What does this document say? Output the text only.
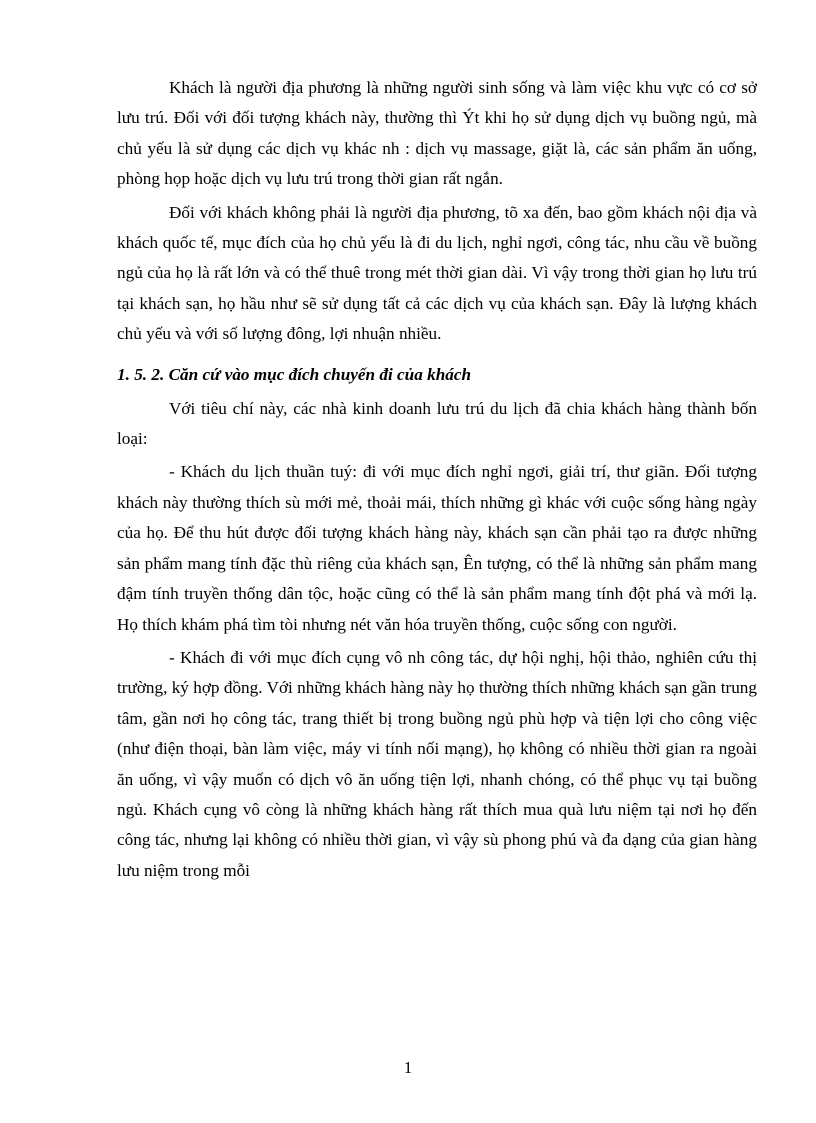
Khách là người địa phương là những người sinh sống và làm việc khu vực có cơ sở lưu trú. Đối với đối tượng khách này, thường thì Ýt khi họ sử dụng dịch vụ buồng ngủ, mà chủ yếu là sử dụng các dịch vụ khác nh : dịch vụ massage, giặt là, các sản phẩm ăn uống, phòng họp hoặc dịch vụ lưu trú trong thời gian rất ngắn.

Đối với khách không phải là người địa phương, tõ xa đến, bao gồm khách nội địa và khách quốc tế, mục đích của họ chủ yếu là đi du lịch, nghỉ ngơi, công tác, nhu cầu về buồng ngủ của họ là rất lớn và có thể thuê trong mét thời gian dài. Vì vậy trong thời gian họ lưu trú tại khách sạn, họ hầu như sẽ sử dụng tất cả các dịch vụ của khách sạn. Đây là lượng khách chủ yếu và với số lượng đông, lợi nhuận nhiều.

1. 5. 2. Căn cứ vào mục đích chuyến đi của khách

Với tiêu chí này, các nhà kinh doanh lưu trú du lịch đã chia khách hàng thành bốn loại:

- Khách du lịch thuần tuý: đi với mục đích nghỉ ngơi, giải trí, thư giãn. Đối tượng khách này thường thích sù mới mẻ, thoải mái, thích những gì khác với cuộc sống hàng ngày của họ. Để thu hút được đối tượng khách hàng này, khách sạn cần phải tạo ra được những sản phẩm mang tính đặc thù riêng của khách sạn, Ên tượng, có thể là những sản phẩm mang đậm tính truyền thống dân tộc, hoặc cũng có thể là sản phẩm mang tính đột phá và mới lạ. Họ thích khám phá tìm tòi nhưng nét văn hóa truyền thống, cuộc sống con người.

- Khách đi với mục đích cụng vô nh công tác, dự hội nghị, hội thảo, nghiên cứu thị trường, ký hợp đồng. Với những khách hàng này họ thường thích những khách sạn gần trung tâm, gần nơi họ công tác, trang thiết bị trong buồng ngủ phù hợp và tiện lợi cho công việc (như điện thoại, bàn làm việc, máy vi tính nối mạng), họ không có nhiều thời gian ra ngoài ăn uống, vì vậy muốn có dịch vô ăn uống tiện lợi, nhanh chóng, có thể phục vụ tại buồng ngủ. Khách cụng vô còng là những khách hàng rất thích mua quà lưu niệm tại nơi họ đến công tác, nhưng lại không có nhiều thời gian, vì vậy sù phong phú và đa dạng của gian hàng lưu niệm trong mỗi

1
